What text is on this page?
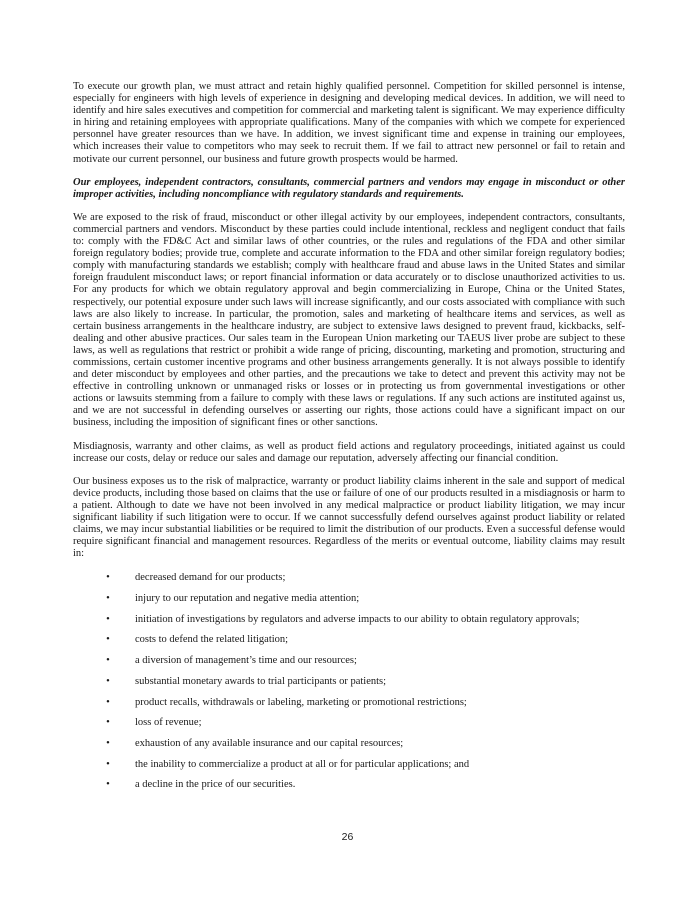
To execute our growth plan, we must attract and retain highly qualified personnel. Competition for skilled personnel is intense, especially for engineers with high levels of experience in designing and developing medical devices. In addition, we will need to identify and hire sales executives and competition for commercial and marketing talent is significant. We may experience difficulty in hiring and retaining employees with appropriate qualifications. Many of the companies with which we compete for experienced personnel have greater resources than we have. In addition, we invest significant time and expense in training our employees, which increases their value to competitors who may seek to recruit them. If we fail to attract new personnel or fail to retain and motivate our current personnel, our business and future growth prospects would be harmed.

Our employees, independent contractors, consultants, commercial partners and vendors may engage in misconduct or other improper activities, including noncompliance with regulatory standards and requirements.

We are exposed to the risk of fraud, misconduct or other illegal activity by our employees, independent contractors, consultants, commercial partners and vendors. Misconduct by these parties could include intentional, reckless and negligent conduct that fails to: comply with the FD&C Act and similar laws of other countries, or the rules and regulations of the FDA and other similar foreign regulatory bodies; provide true, complete and accurate information to the FDA and other similar foreign regulatory bodies; comply with manufacturing standards we establish; comply with healthcare fraud and abuse laws in the United States and similar foreign fraudulent misconduct laws; or report financial information or data accurately or to disclose unauthorized activities to us. For any products for which we obtain regulatory approval and begin commercializing in Europe, China or the United States, respectively, our potential exposure under such laws will increase significantly, and our costs associated with compliance with such laws are also likely to increase. In particular, the promotion, sales and marketing of healthcare items and services, as well as certain business arrangements in the healthcare industry, are subject to extensive laws designed to prevent fraud, kickbacks, self-dealing and other abusive practices. Our sales team in the European Union marketing our TAEUS liver probe are subject to these laws, as well as regulations that restrict or prohibit a wide range of pricing, discounting, marketing and promotion, structuring and commissions, certain customer incentive programs and other business arrangements generally. It is not always possible to identify and deter misconduct by employees and other parties, and the precautions we take to detect and prevent this activity may not be effective in controlling unknown or unmanaged risks or losses or in protecting us from governmental investigations or other actions or lawsuits stemming from a failure to comply with these laws or regulations. If any such actions are instituted against us, and we are not successful in defending ourselves or asserting our rights, those actions could have a significant impact on our business, including the imposition of significant fines or other sanctions.

Misdiagnosis, warranty and other claims, as well as product field actions and regulatory proceedings, initiated against us could increase our costs, delay or reduce our sales and damage our reputation, adversely affecting our financial condition.

Our business exposes us to the risk of malpractice, warranty or product liability claims inherent in the sale and support of medical device products, including those based on claims that the use or failure of one of our products resulted in a misdiagnosis or harm to a patient. Although to date we have not been involved in any medical malpractice or product liability litigation, we may incur significant liability if such litigation were to occur. If we cannot successfully defend ourselves against product liability or related claims, we may incur substantial liabilities or be required to limit the distribution of our products. Even a successful defense would require significant financial and management resources. Regardless of the merits or eventual outcome, liability claims may result in:

•	decreased demand for our products;
•	injury to our reputation and negative media attention;
•	initiation of investigations by regulators and adverse impacts to our ability to obtain regulatory approvals;
•	costs to defend the related litigation;
•	a diversion of management’s time and our resources;
•	substantial monetary awards to trial participants or patients;
•	product recalls, withdrawals or labeling, marketing or promotional restrictions;
•	loss of revenue;
•	exhaustion of any available insurance and our capital resources;
•	the inability to commercialize a product at all or for particular applications; and
•	a decline in the price of our securities.
26
